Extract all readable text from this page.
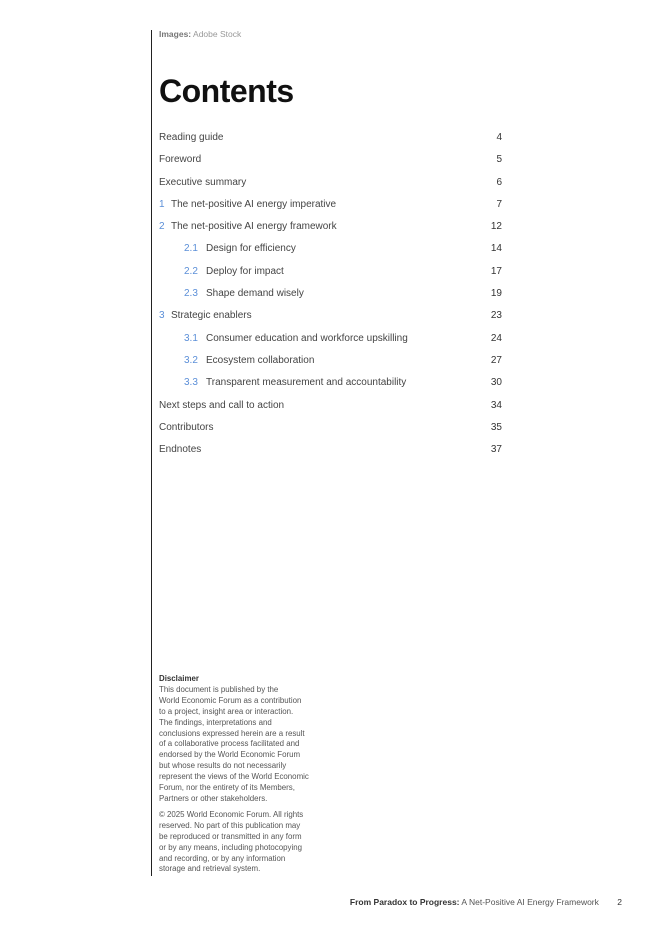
Images: Adobe Stock
Contents
Reading guide	4
Foreword	5
Executive summary	6
1 The net-positive AI energy imperative	7
2 The net-positive AI energy framework	12
2.1 Design for efficiency	14
2.2 Deploy for impact	17
2.3 Shape demand wisely	19
3 Strategic enablers	23
3.1 Consumer education and workforce upskilling	24
3.2 Ecosystem collaboration	27
3.3 Transparent measurement and accountability	30
Next steps and call to action	34
Contributors	35
Endnotes	37
Disclaimer

This document is published by the
World Economic Forum as a contribution
to a project, insight area or interaction.
The findings, interpretations and
conclusions expressed herein are a result
of a collaborative process facilitated and
endorsed by the World Economic Forum
but whose results do not necessarily
represent the views of the World Economic
Forum, nor the entirety of its Members,
Partners or other stakeholders.

© 2025 World Economic Forum. All rights
reserved. No part of this publication may
be reproduced or transmitted in any form
or by any means, including photocopying
and recording, or by any information
storage and retrieval system.

From Paradox to Progress: A Net-Positive AI Energy Framework 2
